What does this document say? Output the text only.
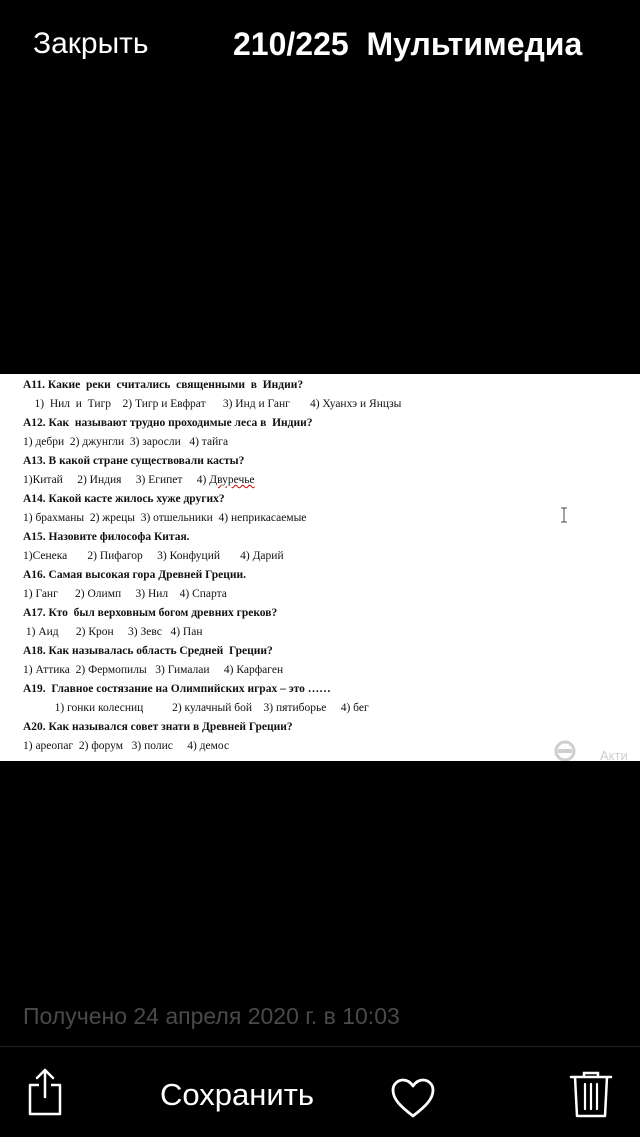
Закрыть	210/225 Мультимедиа
А11. Какие  реки  считались  священными  в  Индии?
1)  Нил  и  Тигр    2) Тигр и Евфрат      3) Инд и Ганг       4) Хуанхэ и Янцзы
А12. Как  называют трудно проходимые леса в  Индии?
1) дебри  2) джунгли  3) заросли   4) тайга
А13. В какой стране существовали касты?
1)Китай     2) Индия     3) Египет     4) Двуречье
А14. Какой касте жилось хуже других?
1) брахманы  2) жрецы  3) отшельники  4) неприкасаемые
А15. Назовите философа Китая.
1)Сенека       2) Пифагор     3) Конфуций       4) Дарий
А16. Самая высокая гора Древней Греции.
1) Ганг      2) Олимп     3) Нил    4) Спарта
А17. Кто  был верховным богом древних греков?
1) Аид      2) Крон     3) Зевс   4) Пан
А18. Как называлась область Средней  Греции?
1) Аттика  2) Фермопилы   3) Гималаи     4) Карфаген
А19.  Главное состязание на Олимпийских играх – это ……
1) гонки колесниц          2) кулачный бой    3) пятиборье     4) бег
А20. Как назывался совет знати в Древней Греции?
1) ареопаг  2) форум   3) полис     4) демос
Акти
Получено 24 апреля 2020 г. в 10:03
Сохранить
